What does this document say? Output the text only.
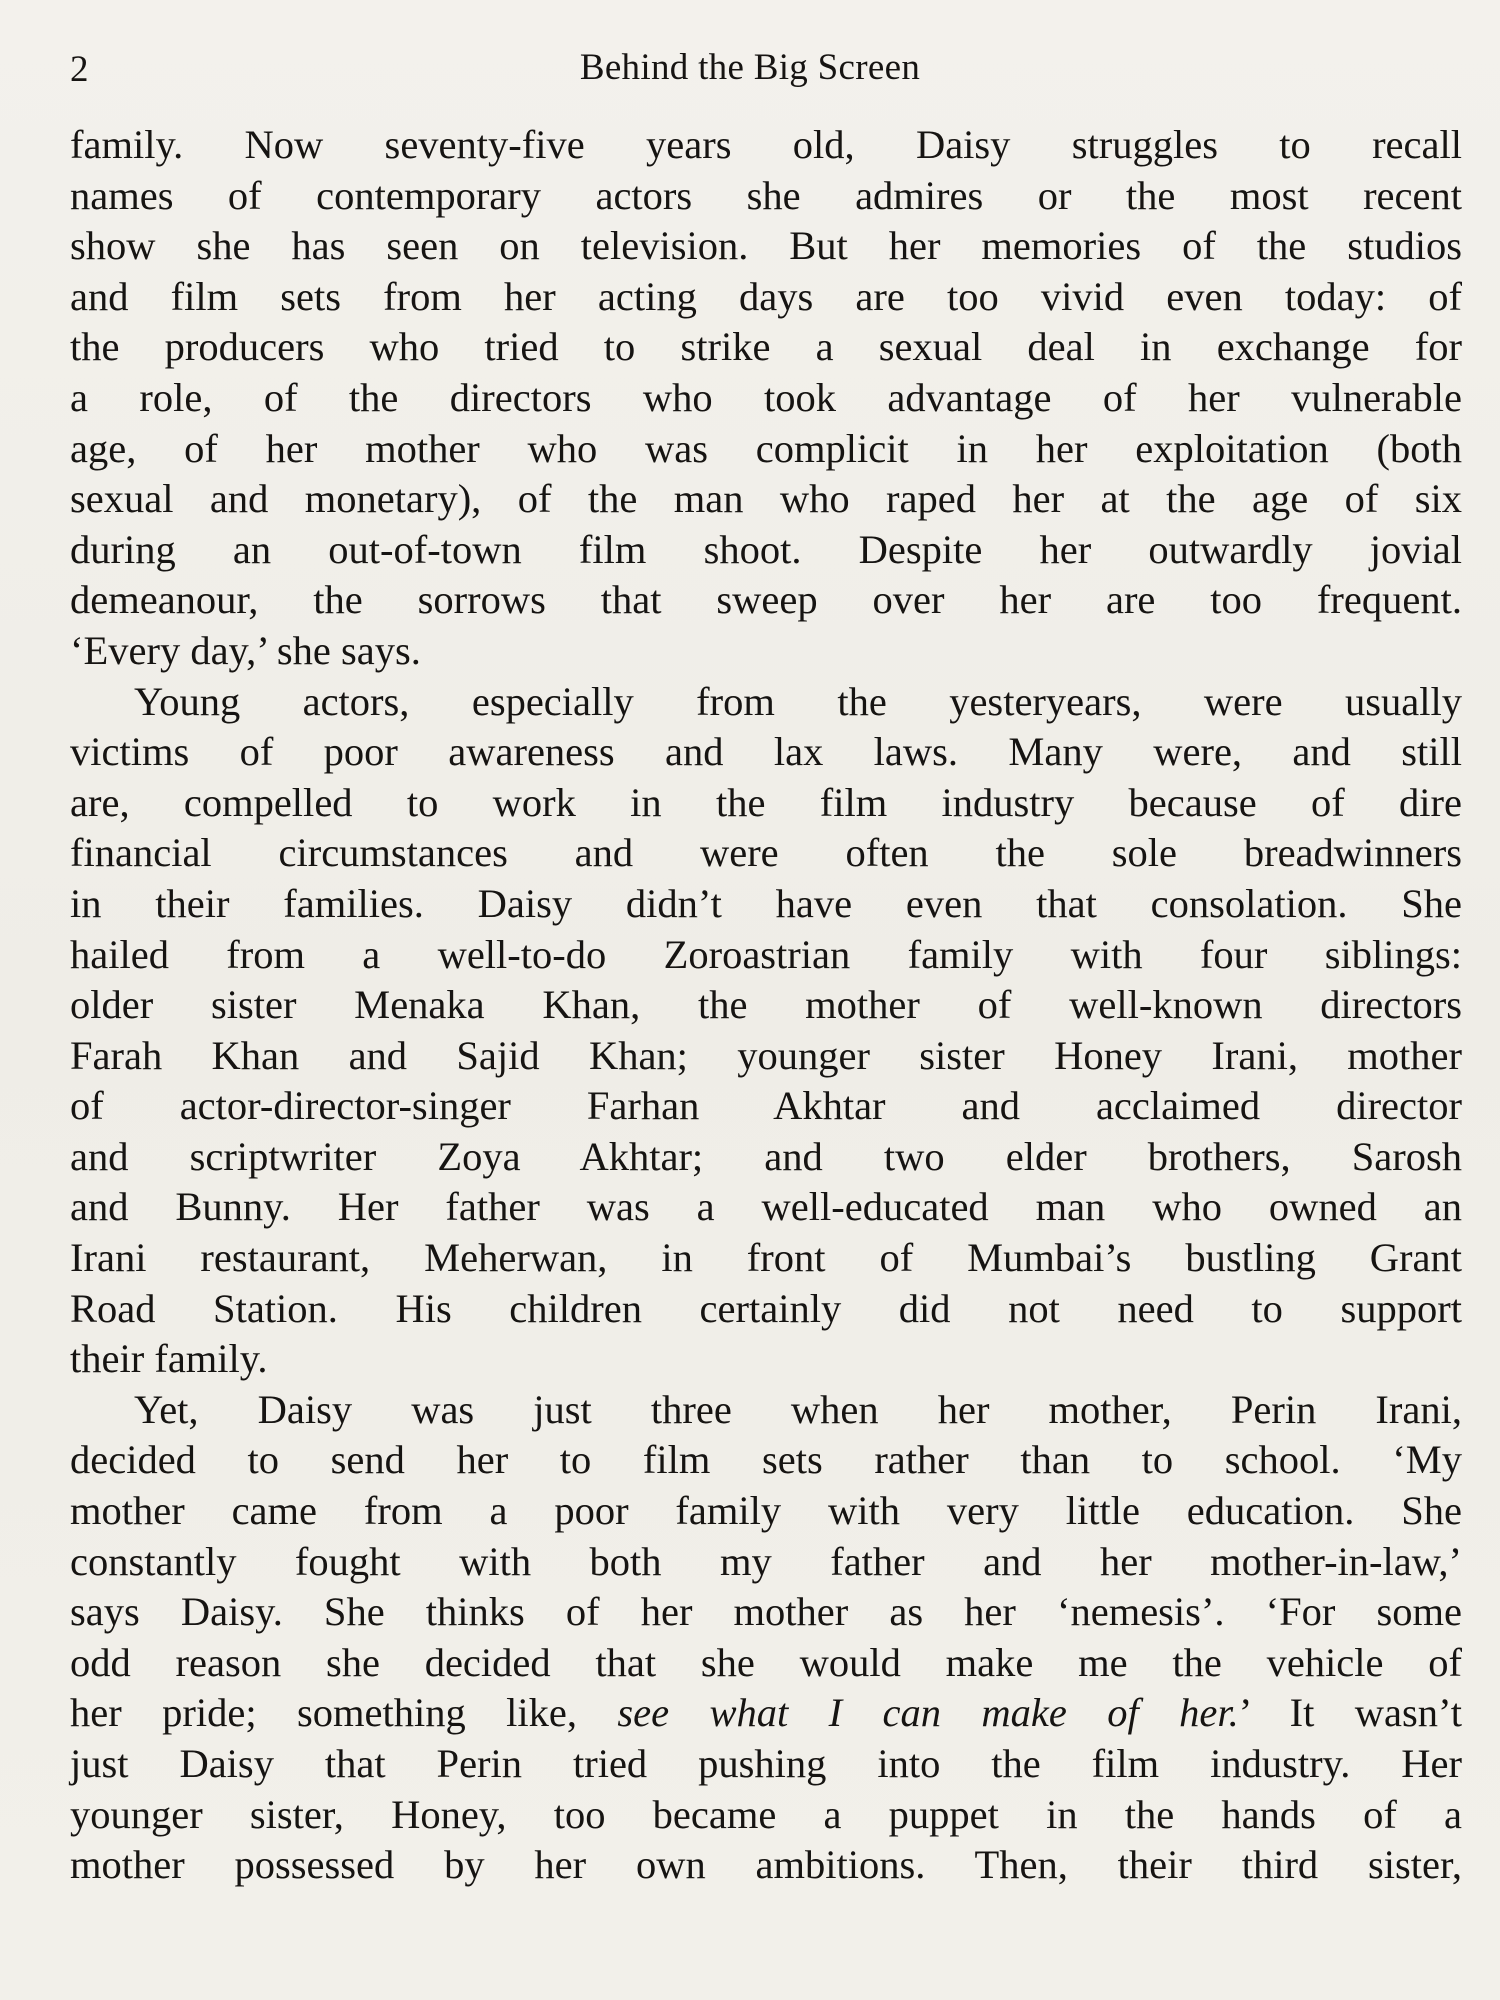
2	Behind the Big Screen
family. Now seventy-five years old, Daisy struggles to recall
names of contemporary actors she admires or the most recent
show she has seen on television. But her memories of the studios
and film sets from her acting days are too vivid even today: of
the producers who tried to strike a sexual deal in exchange for
a role, of the directors who took advantage of her vulnerable
age, of her mother who was complicit in her exploitation (both
sexual and monetary), of the man who raped her at the age of six
during an out-of-town film shoot. Despite her outwardly jovial
demeanour, the sorrows that sweep over her are too frequent.
‘Every day,’ she says.
Young actors, especially from the yesteryears, were usually
victims of poor awareness and lax laws. Many were, and still
are, compelled to work in the film industry because of dire
financial circumstances and were often the sole breadwinners
in their families. Daisy didn’t have even that consolation. She
hailed from a well-to-do Zoroastrian family with four siblings:
older sister Menaka Khan, the mother of well-known directors
Farah Khan and Sajid Khan; younger sister Honey Irani, mother
of actor-director-singer Farhan Akhtar and acclaimed director
and scriptwriter Zoya Akhtar; and two elder brothers, Sarosh
and Bunny. Her father was a well-educated man who owned an
Irani restaurant, Meherwan, in front of Mumbai’s bustling Grant
Road Station. His children certainly did not need to support
their family.
Yet, Daisy was just three when her mother, Perin Irani,
decided to send her to film sets rather than to school. ‘My
mother came from a poor family with very little education. She
constantly fought with both my father and her mother-in-law,’
says Daisy. She thinks of her mother as her ‘nemesis’. ‘For some
odd reason she decided that she would make me the vehicle of
her pride; something like, see what I can make of her.’ It wasn’t
just Daisy that Perin tried pushing into the film industry. Her
younger sister, Honey, too became a puppet in the hands of a
mother possessed by her own ambitions. Then, their third sister,
